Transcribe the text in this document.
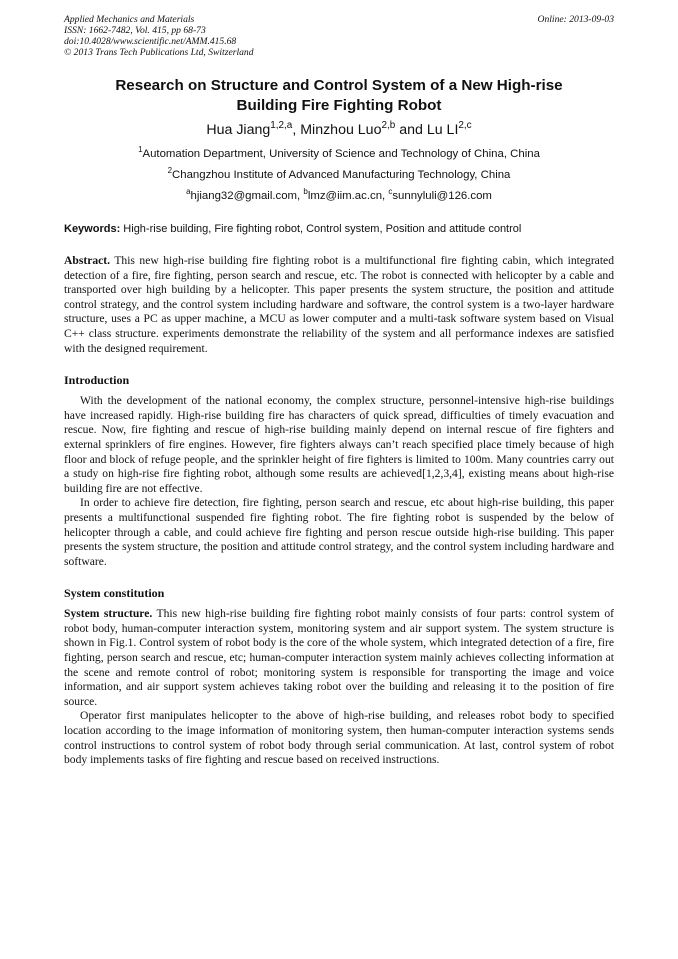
Applied Mechanics and Materials
ISSN: 1662-7482, Vol. 415, pp 68-73
doi:10.4028/www.scientific.net/AMM.415.68
© 2013 Trans Tech Publications Ltd, Switzerland
Online: 2013-09-03
Research on Structure and Control System of a New High-rise Building Fire Fighting Robot
Hua Jiang$^{1,2,a}$, Minzhou Luo$^{2,b}$ and Lu LI$^{2,c}$
$^1$Automation Department, University of Science and Technology of China, China
$^2$Changzhou Institute of Advanced Manufacturing Technology, China
$^a$hjiang32@gmail.com, $^b$lmz@iim.ac.cn, $^c$sunnyluli@126.com
Keywords: High-rise building, Fire fighting robot, Control system, Position and attitude control

Abstract. This new high-rise building fire fighting robot is a multifunctional fire fighting cabin, which integrated detection of a fire, fire fighting, person search and rescue, etc. The robot is connected with helicopter by a cable and transported over high building by a helicopter. This paper presents the system structure, the position and attitude control strategy, and the control system including hardware and software, the control system is a two-layer hardware structure, uses a PC as upper machine, a MCU as lower computer and a multi-task software system based on Visual C++ class structure. experiments demonstrate the reliability of the system and all performance indexes are satisfied with the designed requirement.

Introduction

With the development of the national economy, the complex structure, personnel-intensive high-rise buildings have increased rapidly. High-rise building fire has characters of quick spread, difficulties of timely evacuation and rescue. Now, fire fighting and rescue of high-rise building mainly depend on internal rescue of fire fighters and external sprinklers of fire engines. However, fire fighters always can’t reach specified place timely because of high floor and block of refuge people, and the sprinkler height of fire fighters is limited to 100m. Many countries carry out a study on high-rise fire fighting robot, although some results are achieved[1,2,3,4], existing means about high-rise building fire are not effective.

In order to achieve fire detection, fire fighting, person search and rescue, etc about high-rise building, this paper presents a multifunctional suspended fire fighting robot. The fire fighting robot is suspended by the below of helicopter through a cable, and could achieve fire fighting and person rescue outside high-rise building. This paper presents the system structure, the position and attitude control strategy, and the control system including hardware and software.

System constitution

System structure. This new high-rise building fire fighting robot mainly consists of four parts: control system of robot body, human-computer interaction system, monitoring system and air support system. The system structure is shown in Fig.1. Control system of robot body is the core of the whole system, which integrated detection of a fire, fire fighting, person search and rescue, etc; human-computer interaction system mainly achieves collecting information at the scene and remote control of robot; monitoring system is responsible for transporting the image and voice information, and air support system achieves taking robot over the building and releasing it to the position of fire source.

Operator first manipulates helicopter to the above of high-rise building, and releases robot body to specified location according to the image information of monitoring system, then human-computer interaction systems sends control instructions to control system of robot body through serial communication. At last, control system of robot body implements tasks of fire fighting and rescue based on received instructions.
